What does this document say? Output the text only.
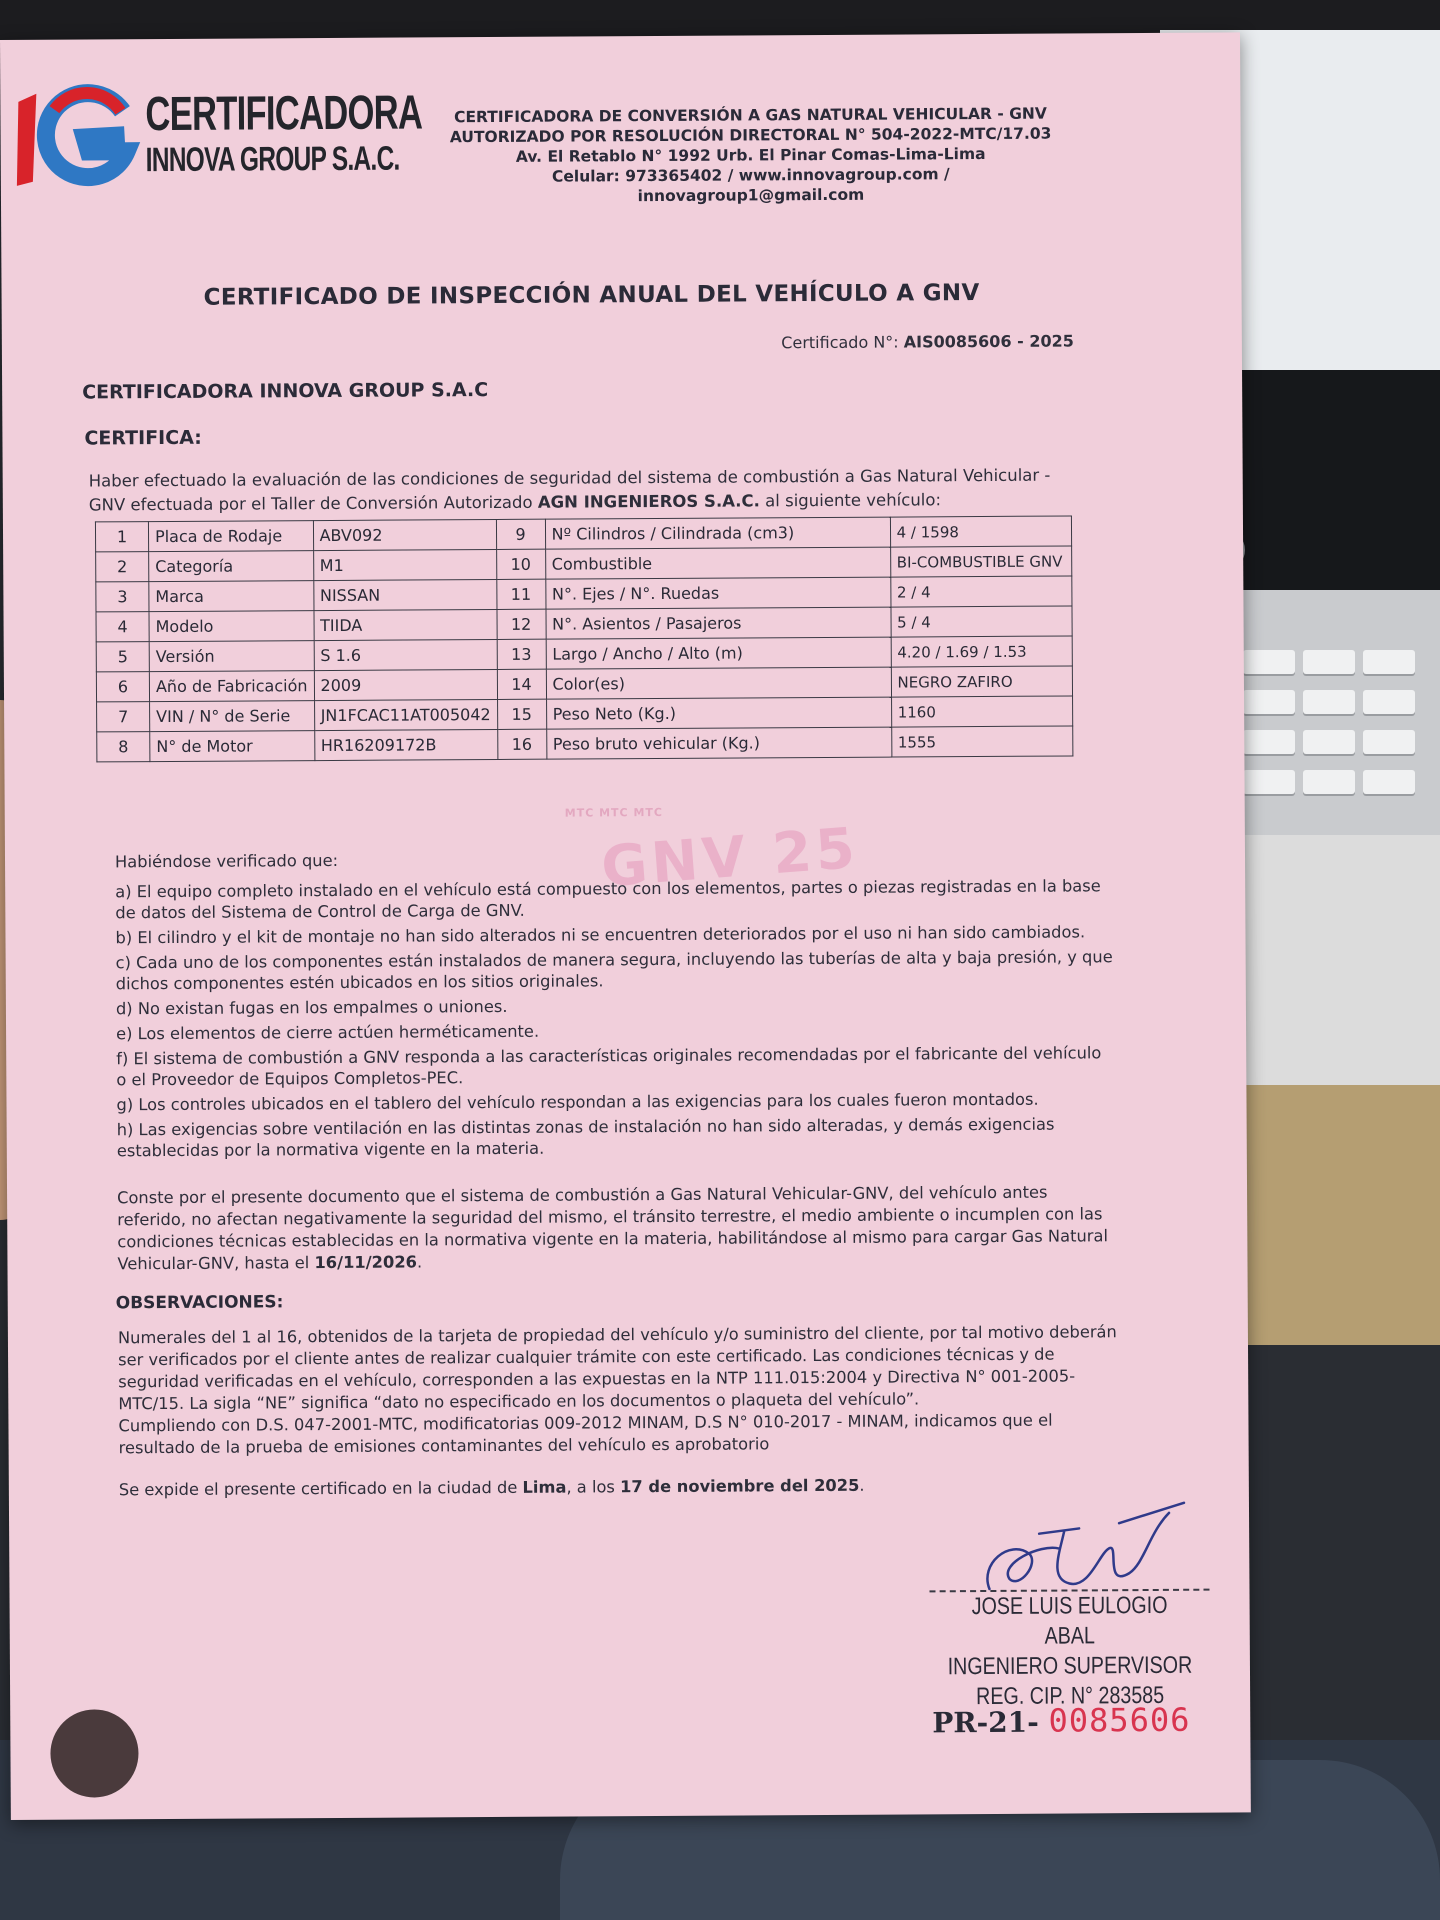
IG
CERTIFICADORA
INNOVA GROUP S.A.C.
CERTIFICADORA DE CONVERSIÓN A GAS NATURAL VEHICULAR - GNV
AUTORIZADO POR RESOLUCIÓN DIRECTORAL N° 504-2022-MTC/17.03
Av. El Retablo N° 1992 Urb. El Pinar Comas-Lima-Lima
Celular: 973365402 / www.innovagroup.com / innovagroup1@gmail.com
CERTIFICADO DE INSPECCIÓN ANUAL DEL VEHÍCULO A GNV
Certificado N°: AIS0085606 - 2025
CERTIFICADORA INNOVA GROUP S.A.C
CERTIFICA:
Haber efectuado la evaluación de las condiciones de seguridad del sistema de combustión a Gas Natural Vehicular - GNV efectuada por el Taller de Conversión Autorizado AGN INGENIEROS S.A.C. al siguiente vehículo:
MTC MTC MTC
GNV 25
1	Placa de Rodaje	ABV092	9	Nº Cilindros / Cilindrada (cm3)	4 / 1598
2	Categoría	M1	10	Combustible	BI-COMBUSTIBLE GNV
3	Marca	NISSAN	11	N°. Ejes / N°. Ruedas	2 / 4
4	Modelo	TIIDA	12	N°. Asientos / Pasajeros	5 / 4
5	Versión	S 1.6	13	Largo / Ancho / Alto (m)	4.20 / 1.69 / 1.53
6	Año de Fabricación	2009	14	Color(es)	NEGRO ZAFIRO
7	VIN / N° de Serie	JN1FCAC11AT005042	15	Peso Neto (Kg.)	1160
8	N° de Motor	HR16209172B	16	Peso bruto vehicular (Kg.)	1555
Habiéndose verificado que:

a) El equipo completo instalado en el vehículo está compuesto con los elementos, partes o piezas registradas en la base de datos del Sistema de Control de Carga de GNV.

b) El cilindro y el kit de montaje no han sido alterados ni se encuentren deteriorados por el uso ni han sido cambiados.

c) Cada uno de los componentes están instalados de manera segura, incluyendo las tuberías de alta y baja presión, y que dichos componentes estén ubicados en los sitios originales.

d) No existan fugas en los empalmes o uniones.

e) Los elementos de cierre actúen herméticamente.

f) El sistema de combustión a GNV responda a las características originales recomendadas por el fabricante del vehículo o el Proveedor de Equipos Completos-PEC.

g) Los controles ubicados en el tablero del vehículo respondan a las exigencias para los cuales fueron montados.

h) Las exigencias sobre ventilación en las distintas zonas de instalación no han sido alteradas, y demás exigencias establecidas por la normativa vigente en la materia.

Conste por el presente documento que el sistema de combustión a Gas Natural Vehicular-GNV, del vehículo antes referido, no afectan negativamente la seguridad del mismo, el tránsito terrestre, el medio ambiente o incumplen con las condiciones técnicas establecidas en la normativa vigente en la materia, habilitándose al mismo para cargar Gas Natural Vehicular-GNV, hasta el 16/11/2026.
OBSERVACIONES:

Numerales del 1 al 16, obtenidos de la tarjeta de propiedad del vehículo y/o suministro del cliente, por tal motivo deberán ser verificados por el cliente antes de realizar cualquier trámite con este certificado. Las condiciones técnicas y de seguridad verificadas en el vehículo, corresponden a las expuestas en la NTP 111.015:2004 y Directiva N° 001-2005-MTC/15. La sigla “NE” significa “dato no especificado en los documentos o plaqueta del vehículo”.

Cumpliendo con D.S. 047-2001-MTC, modificatorias 009-2012 MINAM, D.S N° 010-2017 - MINAM, indicamos que el resultado de la prueba de emisiones contaminantes del vehículo es aprobatorio

Se expide el presente certificado en la ciudad de Lima, a los 17 de noviembre del 2025.
JOSE LUIS EULOGIO ABAL
INGENIERO SUPERVISOR
REG. CIP. N° 283585
PR-21- 0085606
